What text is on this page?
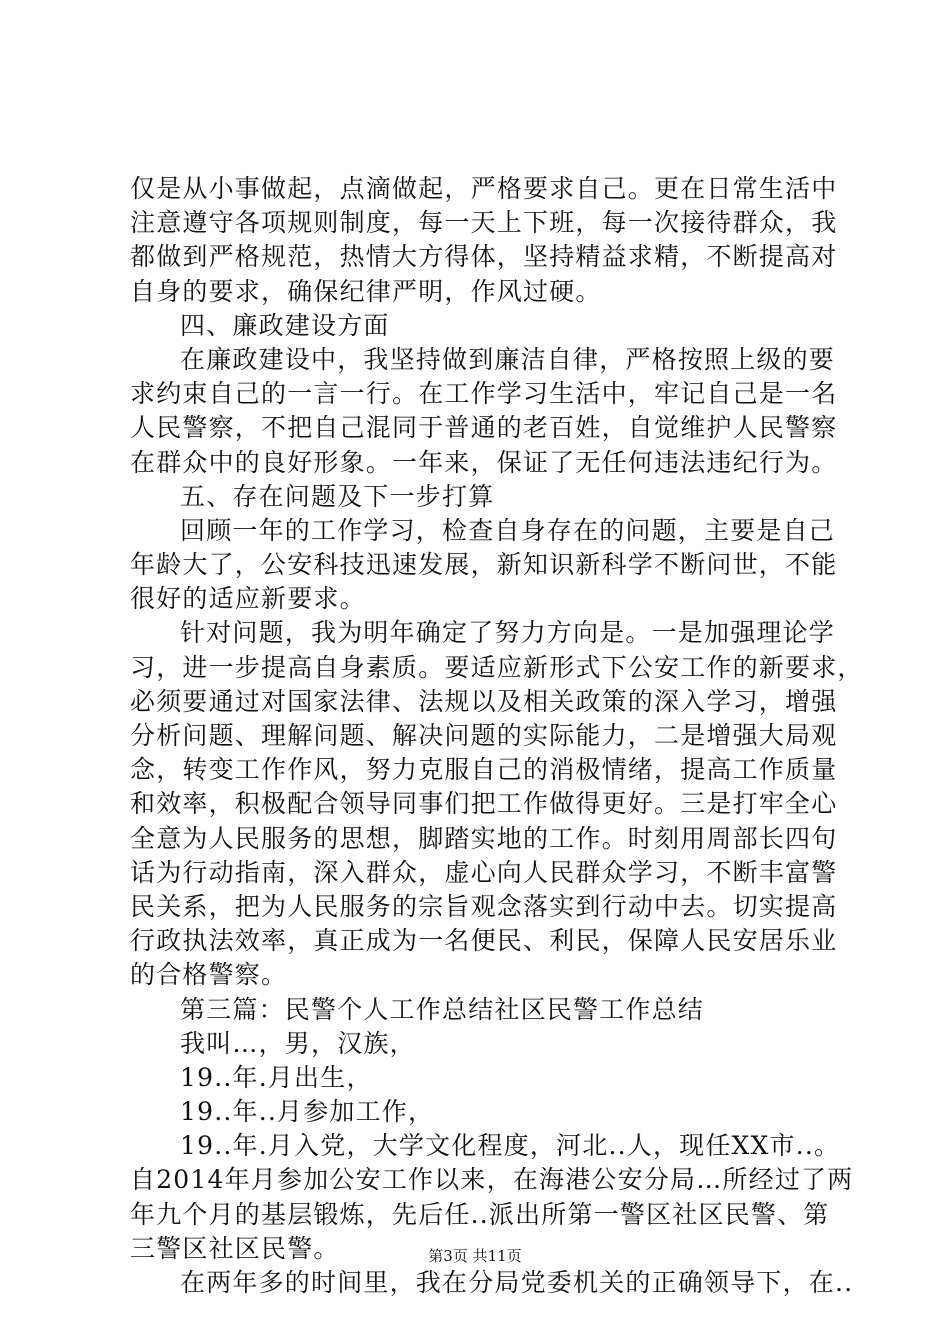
仅是从小事做起，点滴做起，严格要求自己。更在日常生活中
注意遵守各项规则制度，每一天上下班，每一次接待群众，我
都做到严格规范，热情大方得体，坚持精益求精，不断提高对
自身的要求，确保纪律严明，作风过硬。
四、廉政建设方面
在廉政建设中，我坚持做到廉洁自律，严格按照上级的要
求约束自己的一言一行。在工作学习生活中，牢记自己是一名
人民警察，不把自己混同于普通的老百姓，自觉维护人民警察
在群众中的良好形象。一年来，保证了无任何违法违纪行为。
五、存在问题及下一步打算
回顾一年的工作学习，检查自身存在的问题，主要是自己
年龄大了，公安科技迅速发展，新知识新科学不断问世，不能
很好的适应新要求。
针对问题，我为明年确定了努力方向是。一是加强理论学
习，进一步提高自身素质。要适应新形式下公安工作的新要求，
必须要通过对国家法律、法规以及相关政策的深入学习，增强
分析问题、理解问题、解决问题的实际能力，二是增强大局观
念，转变工作作风，努力克服自己的消极情绪，提高工作质量
和效率，积极配合领导同事们把工作做得更好。三是打牢全心
全意为人民服务的思想，脚踏实地的工作。时刻用周部长四句
话为行动指南，深入群众，虚心向人民群众学习，不断丰富警
民关系，把为人民服务的宗旨观念落实到行动中去。切实提高
行政执法效率，真正成为一名便民、利民，保障人民安居乐业
的合格警察。
第三篇：民警个人工作总结社区民警工作总结
我叫…，男，汉族，
19..年.月出生，
19..年..月参加工作，
19..年.月入党，大学文化程度，河北..人，现任XX市..。
自2014年月参加公安工作以来，在海港公安分局…所经过了两
年九个月的基层锻炼，先后任..派出所第一警区社区民警、第
三警区社区民警。
在两年多的时间里，我在分局党委机关的正确领导下，在..
第3页 共11页
